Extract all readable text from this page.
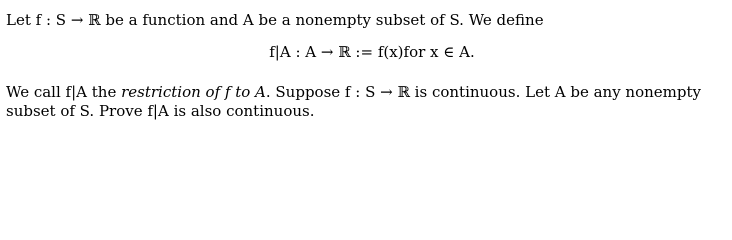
Let f : S → ℝ be a function and A be a nonempty subset of S. We define
f|A : A → ℝ := f(x)for x ∈ A.
We call f|A the restriction of f to A. Suppose f : S → ℝ is continuous. Let A be any nonempty
subset of S. Prove f|A is also continuous.
